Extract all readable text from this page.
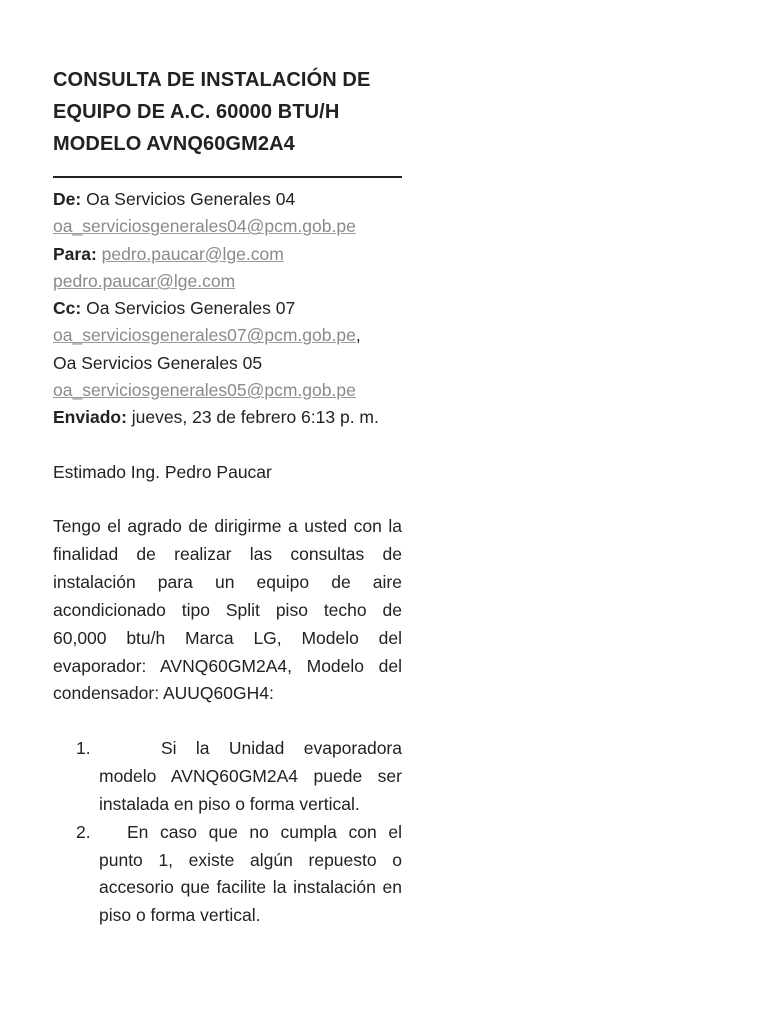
CONSULTA DE INSTALACIÓN DE
EQUIPO DE A.C. 60000 BTU/H
MODELO AVNQ60GM2A4
De: Oa Servicios Generales 04
oa_serviciosgenerales04@pcm.gob.pe
Para: pedro.paucar@lge.com
pedro.paucar@lge.com
Cc: Oa Servicios Generales 07
oa_serviciosgenerales07@pcm.gob.pe,
Oa Servicios Generales 05
oa_serviciosgenerales05@pcm.gob.pe
Enviado: jueves, 23 de febrero 6:13 p. m.
Estimado Ing. Pedro Paucar
Tengo el agrado de dirigirme a usted con la finalidad de realizar las consultas de instalación para un equipo de aire acondicionado tipo Split piso techo de 60,000 btu/h Marca LG, Modelo del evaporador: AVNQ60GM2A4, Modelo del condensador: AUUQ60GH4:
1.	Si la Unidad evaporadora modelo AVNQ60GM2A4 puede ser instalada en piso o forma vertical.
2.	En caso que no cumpla con el punto 1, existe algún repuesto o accesorio que facilite la instalación en piso o forma vertical.
